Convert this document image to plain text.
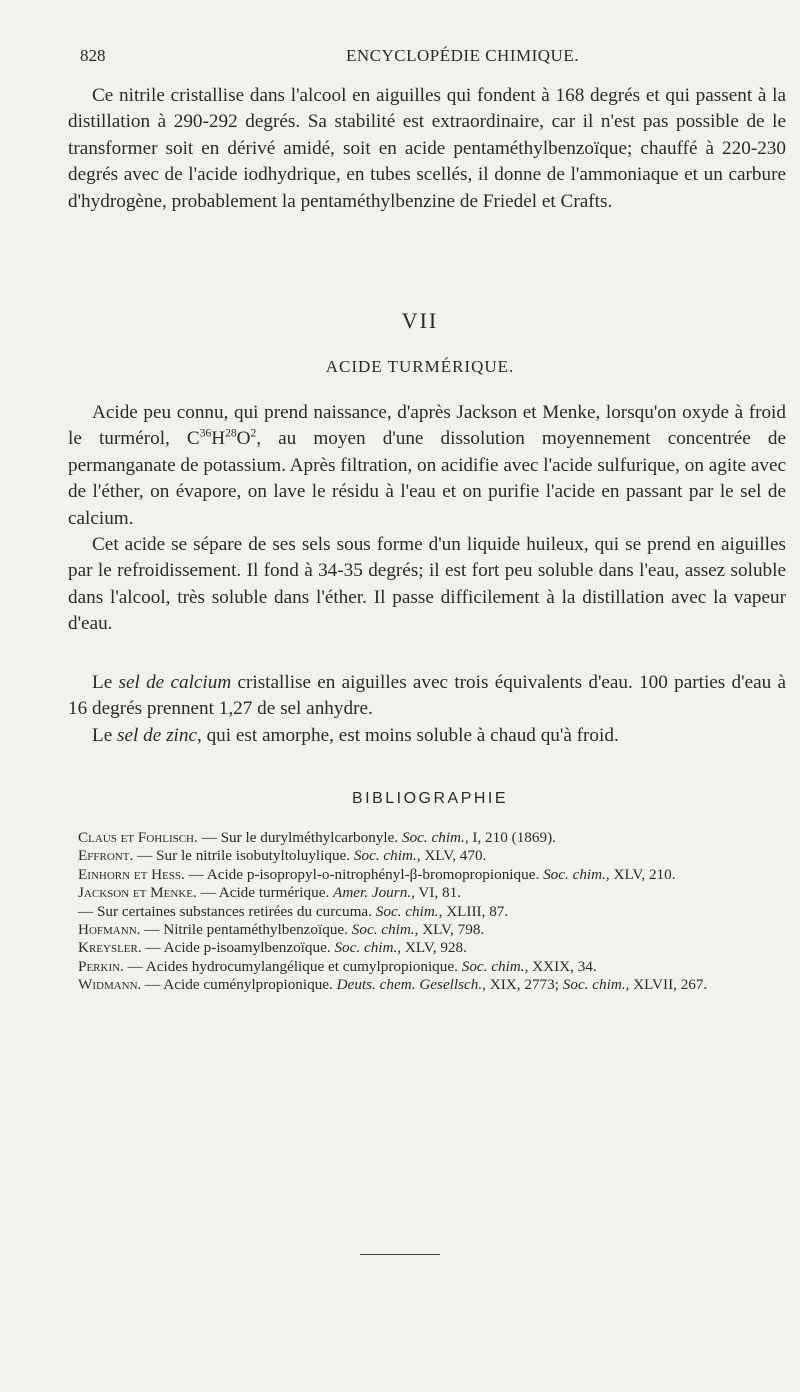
828	ENCYCLOPÉDIE CHIMIQUE.

Ce nitrile cristallise dans l'alcool en aiguilles qui fondent à 168 degrés et qui passent à la distillation à 290-292 degrés. Sa stabilité est extraordinaire, car il n'est pas possible de le transformer soit en dérivé amidé, soit en acide pentaméthylbenzoïque; chauffé à 220-230 degrés avec de l'acide iodhydrique, en tubes scellés, il donne de l'ammoniaque et un carbure d'hydrogène, probablement la pentaméthylbenzine de Friedel et Crafts.

VII
ACIDE TURMÉRIQUE.

Acide peu connu, qui prend naissance, d'après Jackson et Menke, lorsqu'on oxyde à froid le turmérol, $C^{36}H^{28}O^2$, au moyen d'une dissolution moyennement concentrée de permanganate de potassium. Après filtration, on acidifie avec l'acide sulfurique, on agite avec de l'éther, on évapore, on lave le résidu à l'eau et on purifie l'acide en passant par le sel de calcium.

Cet acide se sépare de ses sels sous forme d'un liquide huileux, qui se prend en aiguilles par le refroidissement. Il fond à 34-35 degrés; il est fort peu soluble dans l'eau, assez soluble dans l'alcool, très soluble dans l'éther. Il passe difficilement à la distillation avec la vapeur d'eau.

Le sel de calcium cristallise en aiguilles avec trois équivalents d'eau. 100 parties d'eau à 16 degrés prennent 1,27 de sel anhydre.

Le sel de zinc, qui est amorphe, est moins soluble à chaud qu'à froid.

BIBLIOGRAPHIE

Claus et Fohlisch. — Sur le durylméthylcarbonyle. Soc. chim., I, 210 (1869).

Effront. — Sur le nitrile isobutyltoluylique. Soc. chim., XLV, 470.

Einhorn et Hess. — Acide p-isopropyl-o-nitrophényl-β-bromopropionique. Soc. chim., XLV, 210.

Jackson et Menke. — Acide turmérique. Amer. Journ., VI, 81.

— Sur certaines substances retirées du curcuma. Soc. chim., XLIII, 87.

Hofmann. — Nitrile pentaméthylbenzoïque. Soc. chim., XLV, 798.

Kreysler. — Acide p-isoamylbenzoïque. Soc. chim., XLV, 928.

Perkin. — Acides hydrocumylangélique et cumylpropionique. Soc. chim., XXIX, 34.

Widmann. — Acide cuménylpropionique. Deuts. chem. Gesellsch., XIX, 2773; Soc. chim., XLVII, 267.
